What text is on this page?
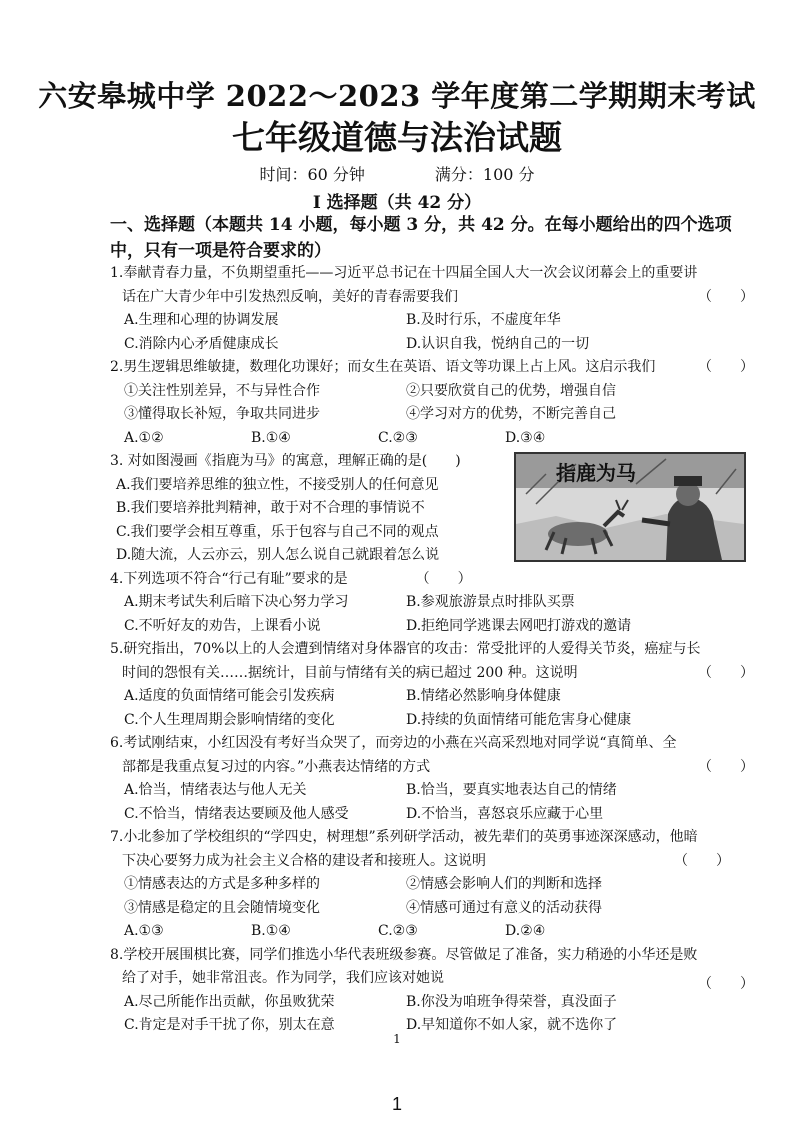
六安皋城中学 2022～2023 学年度第二学期期末考试
七年级道德与法治试题
时间：60 分钟	满分：100 分
Ⅰ 选择题（共 42 分）
一、选择题（本题共 14 小题，每小题 3 分，共 42 分。在每小题给出的四个选项中，只有一项是符合要求的）
1.奉献青春力量，不负期望重托——习近平总书记在十四届全国人大一次会议闭幕会上的重要讲
话在广大青少年中引发热烈反响，美好的青春需要我们	（　　）
A.生理和心理的协调发展	B.及时行乐，不虚度年华
C.消除内心矛盾健康成长	D.认识自我，悦纳自己的一切
2.男生逻辑思维敏捷，数理化功课好；而女生在英语、语文等功课上占上风。这启示我们	（　　）
①关注性别差异，不与异性合作	②只要欣赏自己的优势，增强自信
③懂得取长补短，争取共同进步	④学习对方的优势，不断完善自己
A.①②	B.①④	C.②③	D.③④
3. 对如图漫画《指鹿为马》的寓意，理解正确的是(　　)
A.我们要培养思维的独立性，不接受别人的任何意见
B.我们要培养批判精神，敢于对不合理的事情说不
C.我们要学会相互尊重，乐于包容与自己不同的观点
D.随大流，人云亦云，别人怎么说自己就跟着怎么说
指鹿为马
4.下列选项不符合“行己有耻”要求的是	（　　）
A.期末考试失利后暗下决心努力学习	B.参观旅游景点时排队买票
C.不听好友的劝告，上课看小说	D.拒绝同学逃课去网吧打游戏的邀请
5.研究指出，70%以上的人会遭到情绪对身体器官的攻击：常受批评的人爱得关节炎，癌症与长
时间的怨恨有关……据统计，目前与情绪有关的病已超过 200 种。这说明	（　　）
A.适度的负面情绪可能会引发疾病	B.情绪必然影响身体健康
C.个人生理周期会影响情绪的变化	D.持续的负面情绪可能危害身心健康
6.考试刚结束，小红因没有考好当众哭了，而旁边的小燕在兴高采烈地对同学说“真简单、全
部都是我重点复习过的内容。”小燕表达情绪的方式	（　　）
A.恰当，情绪表达与他人无关	B.恰当，要真实地表达自己的情绪
C.不恰当，情绪表达要顾及他人感受	D.不恰当，喜怒哀乐应藏于心里
7.小北参加了学校组织的“学四史，树理想”系列研学活动，被先辈们的英勇事迹深深感动，他暗
下决心要努力成为社会主义合格的建设者和接班人。这说明	（　　）
①情感表达的方式是多种多样的	②情感会影响人们的判断和选择
③情感是稳定的且会随情境变化	④情感可通过有意义的活动获得
A.①③	B.①④	C.②③	D.②④
8.学校开展围棋比赛，同学们推选小华代表班级参赛。尽管做足了准备，实力稍逊的小华还是败
给了对手，她非常沮丧。作为同学，我们应该对她说	（　　）
A.尽己所能作出贡献，你虽败犹荣	B.你没为咱班争得荣誉，真没面子
C.肯定是对手干扰了你，别太在意	D.早知道你不如人家，就不选你了
1
1
